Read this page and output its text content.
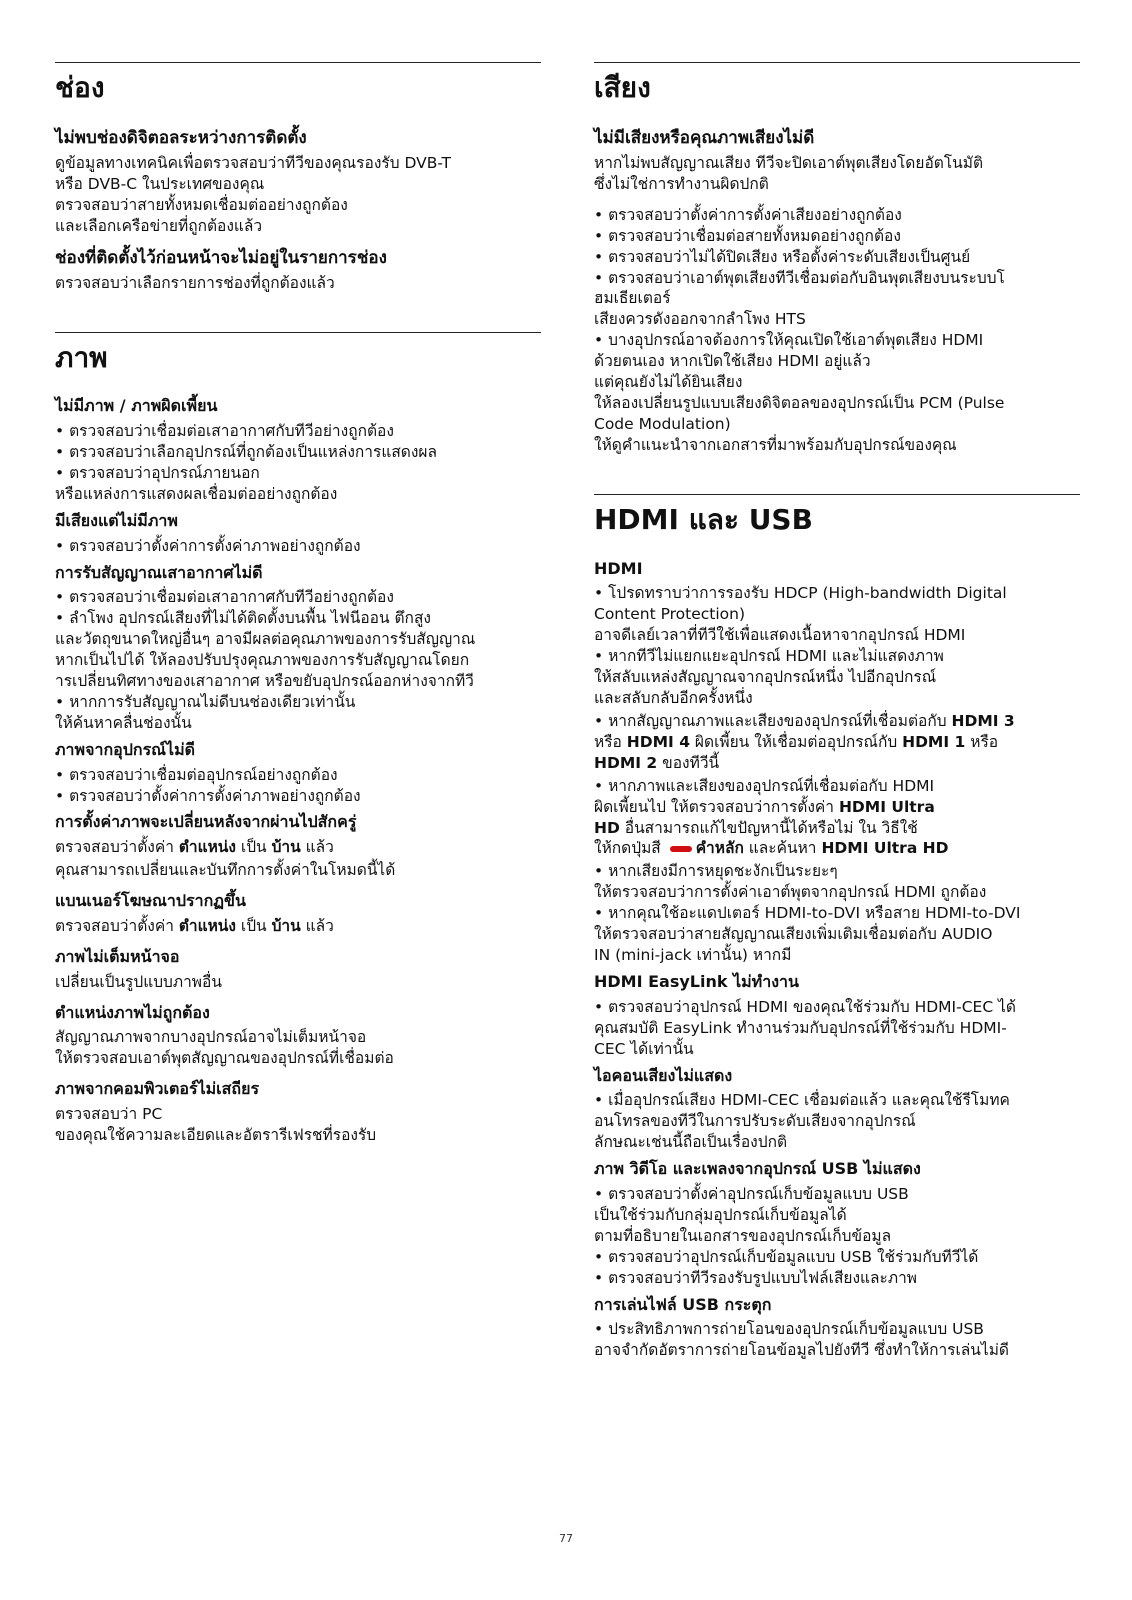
ช่อง
ไม่พบช่องดิจิตอลระหว่างการติดตั้ง

ดูข้อมูลทางเทคนิคเพื่อตรวจสอบว่าทีวีของคุณรองรับ DVB-T
หรือ DVB-C ในประเทศของคุณ
ตรวจสอบว่าสายทั้งหมดเชื่อมต่ออย่างถูกต้อง
และเลือกเครือข่ายที่ถูกต้องแล้ว

ช่องที่ติดตั้งไว้ก่อนหน้าจะไม่อยู่ในรายการช่อง

ตรวจสอบว่าเลือกรายการช่องที่ถูกต้องแล้ว

ภาพ
ไม่มีภาพ / ภาพผิดเพี้ยน

• ตรวจสอบว่าเชื่อมต่อเสาอากาศกับทีวีอย่างถูกต้อง
• ตรวจสอบว่าเลือกอุปกรณ์ที่ถูกต้องเป็นแหล่งการแสดงผล
• ตรวจสอบว่าอุปกรณ์ภายนอก
หรือแหล่งการแสดงผลเชื่อมต่ออย่างถูกต้อง

มีเสียงแต่ไม่มีภาพ

• ตรวจสอบว่าตั้งค่าการตั้งค่าภาพอย่างถูกต้อง

การรับสัญญาณเสาอากาศไม่ดี

• ตรวจสอบว่าเชื่อมต่อเสาอากาศกับทีวีอย่างถูกต้อง
• ลำโพง อุปกรณ์เสียงที่ไม่ได้ติดตั้งบนพื้น ไฟนีออน ตึกสูง
และวัตถุขนาดใหญ่อื่นๆ อาจมีผลต่อคุณภาพของการรับสัญญาณ
หากเป็นไปได้ ให้ลองปรับปรุงคุณภาพของการรับสัญญาณโดยก
ารเปลี่ยนทิศทางของเสาอากาศ หรือขยับอุปกรณ์ออกห่างจากทีวี
• หากการรับสัญญาณไม่ดีบนช่องเดียวเท่านั้น
ให้ค้นหาคลื่นช่องนั้น

ภาพจากอุปกรณ์ไม่ดี

• ตรวจสอบว่าเชื่อมต่ออุปกรณ์อย่างถูกต้อง
• ตรวจสอบว่าตั้งค่าการตั้งค่าภาพอย่างถูกต้อง

การตั้งค่าภาพจะเปลี่ยนหลังจากผ่านไปสักครู่

ตรวจสอบว่าตั้งค่า ตำแหน่ง เป็น บ้าน แล้ว

คุณสามารถเปลี่ยนและบันทึกการตั้งค่าในโหมดนี้ได้

แบนเนอร์โฆษณาปรากฏขึ้น

ตรวจสอบว่าตั้งค่า ตำแหน่ง เป็น บ้าน แล้ว

ภาพไม่เต็มหน้าจอ

เปลี่ยนเป็นรูปแบบภาพอื่น

ตำแหน่งภาพไม่ถูกต้อง

สัญญาณภาพจากบางอุปกรณ์อาจไม่เต็มหน้าจอ
ให้ตรวจสอบเอาต์พุตสัญญาณของอุปกรณ์ที่เชื่อมต่อ

ภาพจากคอมพิวเตอร์ไม่เสถียร

ตรวจสอบว่า PC
ของคุณใช้ความละเอียดและอัตรารีเฟรชที่รองรับ

เสียง
ไม่มีเสียงหรือคุณภาพเสียงไม่ดี

หากไม่พบสัญญาณเสียง ทีวีจะปิดเอาต์พุตเสียงโดยอัตโนมัติ
ซึ่งไม่ใช่การทำงานผิดปกติ

• ตรวจสอบว่าตั้งค่าการตั้งค่าเสียงอย่างถูกต้อง
• ตรวจสอบว่าเชื่อมต่อสายทั้งหมดอย่างถูกต้อง
• ตรวจสอบว่าไม่ได้ปิดเสียง หรือตั้งค่าระดับเสียงเป็นศูนย์
• ตรวจสอบว่าเอาต์พุตเสียงทีวีเชื่อมต่อกับอินพุตเสียงบนระบบโ
ฮมเธียเตอร์
เสียงควรดังออกจากลำโพง HTS
• บางอุปกรณ์อาจต้องการให้คุณเปิดใช้เอาต์พุตเสียง HDMI
ด้วยตนเอง หากเปิดใช้เสียง HDMI อยู่แล้ว
แต่คุณยังไม่ได้ยินเสียง
ให้ลองเปลี่ยนรูปแบบเสียงดิจิตอลของอุปกรณ์เป็น PCM (Pulse
Code Modulation)
ให้ดูคำแนะนำจากเอกสารที่มาพร้อมกับอุปกรณ์ของคุณ

HDMI และ USB
HDMI

• โปรดทราบว่าการรองรับ HDCP (High-bandwidth Digital
Content Protection)
อาจดีเลย์เวลาที่ทีวีใช้เพื่อแสดงเนื้อหาจากอุปกรณ์ HDMI
• หากทีวีไม่แยกแยะอุปกรณ์ HDMI และไม่แสดงภาพ
ให้สลับแหล่งสัญญาณจากอุปกรณ์หนึ่ง ไปอีกอุปกรณ์
และสลับกลับอีกครั้งหนึ่ง

• หากสัญญาณภาพและเสียงของอุปกรณ์ที่เชื่อมต่อกับ HDMI 3
หรือ HDMI 4 ผิดเพี้ยน ให้เชื่อมต่ออุปกรณ์กับ HDMI 1 หรือ
HDMI 2 ของทีวีนี้

• หากภาพและเสียงของอุปกรณ์ที่เชื่อมต่อกับ HDMI
ผิดเพี้ยนไป ให้ตรวจสอบว่าการตั้งค่า HDMI Ultra
HD อื่นสามารถแก้ไขปัญหานี้ได้หรือไม่ ใน วิธีใช้
ให้กดปุ่มสี คำหลัก และค้นหา HDMI Ultra HD

• หากเสียงมีการหยุดชะงักเป็นระยะๆ
ให้ตรวจสอบว่าการตั้งค่าเอาต์พุตจากอุปกรณ์ HDMI ถูกต้อง
• หากคุณใช้อะแดปเตอร์ HDMI-to-DVI หรือสาย HDMI-to-DVI
ให้ตรวจสอบว่าสายสัญญาณเสียงเพิ่มเติมเชื่อมต่อกับ AUDIO
IN (mini-jack เท่านั้น) หากมี

HDMI EasyLink ไม่ทำงาน

• ตรวจสอบว่าอุปกรณ์ HDMI ของคุณใช้ร่วมกับ HDMI-CEC ได้
คุณสมบัติ EasyLink ทำงานร่วมกับอุปกรณ์ที่ใช้ร่วมกับ HDMI-
CEC ได้เท่านั้น

ไอคอนเสียงไม่แสดง

• เมื่ออุปกรณ์เสียง HDMI-CEC เชื่อมต่อแล้ว และคุณใช้รีโมทค
อนโทรลของทีวีในการปรับระดับเสียงจากอุปกรณ์
ลักษณะเช่นนี้ถือเป็นเรื่องปกติ

ภาพ วิดีโอ และเพลงจากอุปกรณ์ USB ไม่แสดง

• ตรวจสอบว่าตั้งค่าอุปกรณ์เก็บข้อมูลแบบ USB
เป็นใช้ร่วมกับกลุ่มอุปกรณ์เก็บข้อมูลได้
ตามที่อธิบายในเอกสารของอุปกรณ์เก็บข้อมูล
• ตรวจสอบว่าอุปกรณ์เก็บข้อมูลแบบ USB ใช้ร่วมกับทีวีได้
• ตรวจสอบว่าทีวีรองรับรูปแบบไฟล์เสียงและภาพ

การเล่นไฟล์ USB กระตุก

• ประสิทธิภาพการถ่ายโอนของอุปกรณ์เก็บข้อมูลแบบ USB
อาจจำกัดอัตราการถ่ายโอนข้อมูลไปยังทีวี ซึ่งทำให้การเล่นไม่ดี

77
